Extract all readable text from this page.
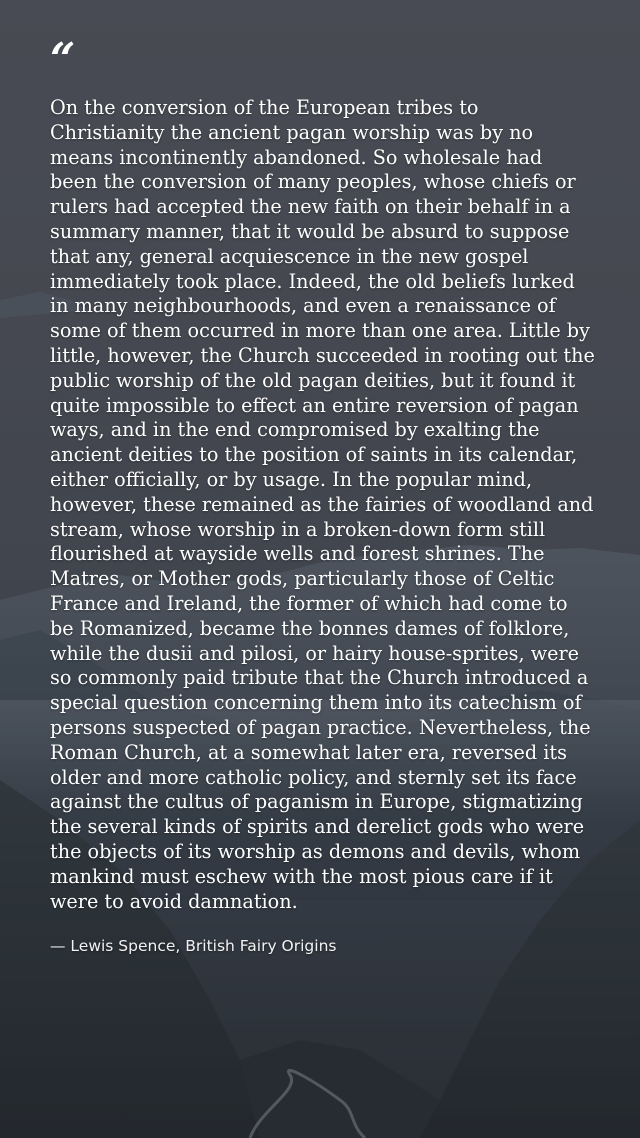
“

On the conversion of the European tribes to Christianity the ancient pagan worship was by no means incontinently abandoned. So wholesale had been the conversion of many peoples, whose chiefs or rulers had accepted the new faith on their behalf in a summary manner, that it would be absurd to suppose that any, general acquiescence in the new gospel immediately took place. Indeed, the old beliefs lurked in many neighbourhoods, and even a renaissance of some of them occurred in more than one area. Little by little, however, the Church succeeded in rooting out the public worship of the old pagan deities, but it found it quite impossible to effect an entire reversion of pagan ways, and in the end compromised by exalting the ancient deities to the position of saints in its calendar, either officially, or by usage. In the popular mind, however, these remained as the fairies of woodland and stream, whose worship in a broken-down form still flourished at wayside wells and forest shrines. The Matres, or Mother gods, particularly those of Celtic France and Ireland, the former of which had come to be Romanized, became the bonnes dames of folklore, while the dusii and pilosi, or hairy house-sprites, were so commonly paid tribute that the Church introduced a special question concerning them into its catechism of persons suspected of pagan practice. Nevertheless, the Roman Church, at a somewhat later era, reversed its older and more catholic policy, and sternly set its face against the cultus of paganism in Europe, stigmatizing the several kinds of spirits and derelict gods who were the objects of its worship as demons and devils, whom mankind must eschew with the most pious care if it were to avoid damnation.

— Lewis Spence, British Fairy Origins
